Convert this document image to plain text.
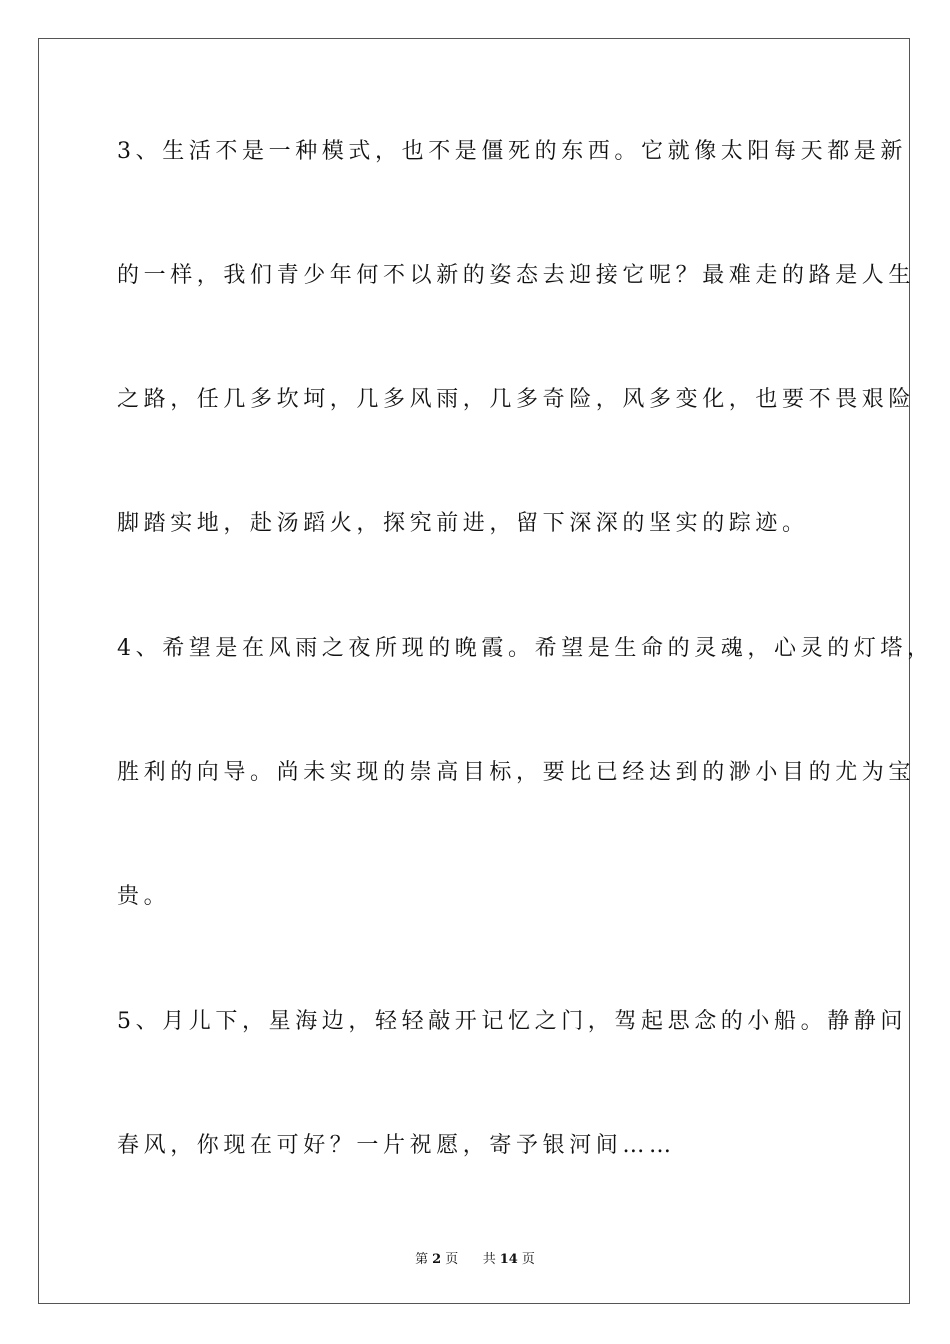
3、生活不是一种模式，也不是僵死的东西。它就像太阳每天都是新
的一样，我们青少年何不以新的姿态去迎接它呢？最难走的路是人生
之路，任几多坎坷，几多风雨，几多奇险，风多变化，也要不畏艰险
脚踏实地，赴汤蹈火，探究前进，留下深深的坚实的踪迹。
4、希望是在风雨之夜所现的晚霞。希望是生命的灵魂，心灵的灯塔，
胜利的向导。尚未实现的崇高目标，要比已经达到的渺小目的尤为宝
贵。
5、月儿下，星海边，轻轻敲开记忆之门，驾起思念的小船。静静问
春风，你现在可好？一片祝愿，寄予银河间……
第 2 页 共 14 页
